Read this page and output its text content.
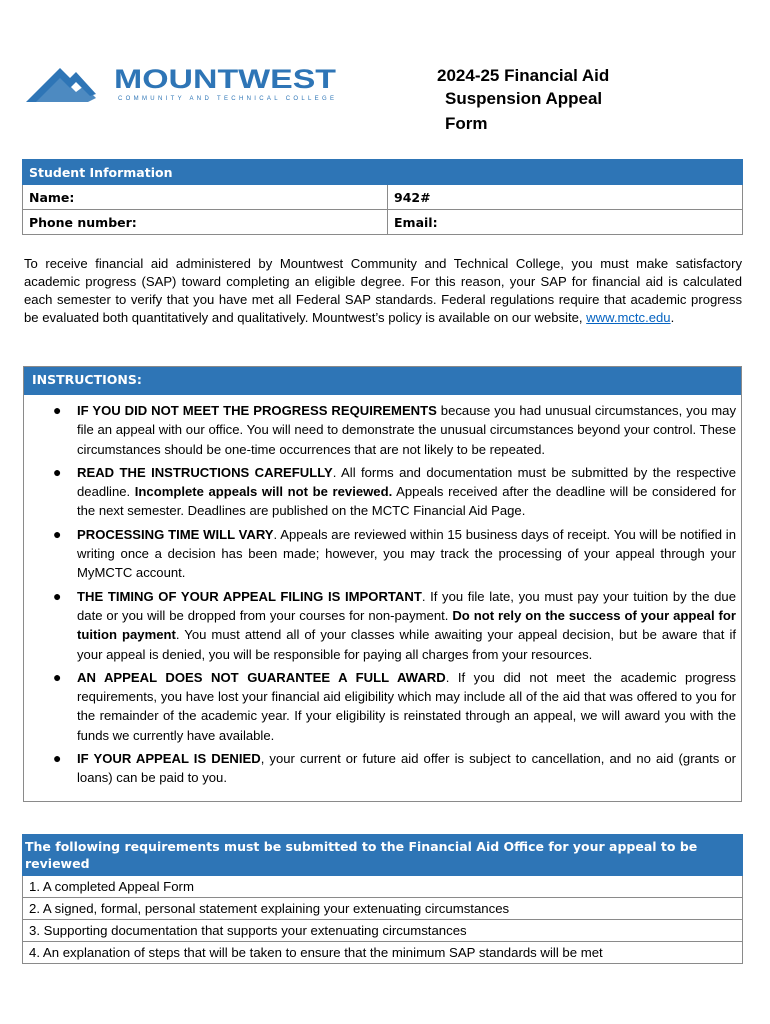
MOUNTWEST
COMMUNITY AND TECHNICAL COLLEGE
2024-25 Financial Aid
Suspension Appeal
Form
Student Information	
Name:	942#
Phone number:	Email:

To receive financial aid administered by Mountwest Community and Technical College, you must make satisfactory academic progress (SAP) toward completing an eligible degree. For this reason, your SAP for financial aid is calculated each semester to verify that you have met all Federal SAP standards. Federal regulations require that academic progress be evaluated both quantitatively and qualitatively. Mountwest’s policy is available on our website, www.mctc.edu.

INSTRUCTIONS:
● IF YOU DID NOT MEET THE PROGRESS REQUIREMENTS because you had unusual circumstances, you may file an appeal with our office. You will need to demonstrate the unusual circumstances beyond your control. These circumstances should be one-time occurrences that are not likely to be repeated.
● READ THE INSTRUCTIONS CAREFULLY. All forms and documentation must be submitted by the respective deadline. Incomplete appeals will not be reviewed. Appeals received after the deadline will be considered for the next semester. Deadlines are published on the MCTC Financial Aid Page.
● PROCESSING TIME WILL VARY. Appeals are reviewed within 15 business days of receipt. You will be notified in writing once a decision has been made; however, you may track the processing of your appeal through your MyMCTC account.
● THE TIMING OF YOUR APPEAL FILING IS IMPORTANT. If you file late, you must pay your tuition by the due date or you will be dropped from your courses for non-payment. Do not rely on the success of your appeal for tuition payment. You must attend all of your classes while awaiting your appeal decision, but be aware that if your appeal is denied, you will be responsible for paying all charges from your resources.
● AN APPEAL DOES NOT GUARANTEE A FULL AWARD. If you did not meet the academic progress requirements, you have lost your financial aid eligibility which may include all of the aid that was offered to you for the remainder of the academic year. If your eligibility is reinstated through an appeal, we will award you with the funds we currently have available.
● IF YOUR APPEAL IS DENIED, your current or future aid offer is subject to cancellation, and no aid (grants or loans) can be paid to you.
The following requirements must be submitted to the Financial Aid Office for your appeal to be reviewed
1. A completed Appeal Form
2. A signed, formal, personal statement explaining your extenuating circumstances
3. Supporting documentation that supports your extenuating circumstances
4. An explanation of steps that will be taken to ensure that the minimum SAP standards will be met
